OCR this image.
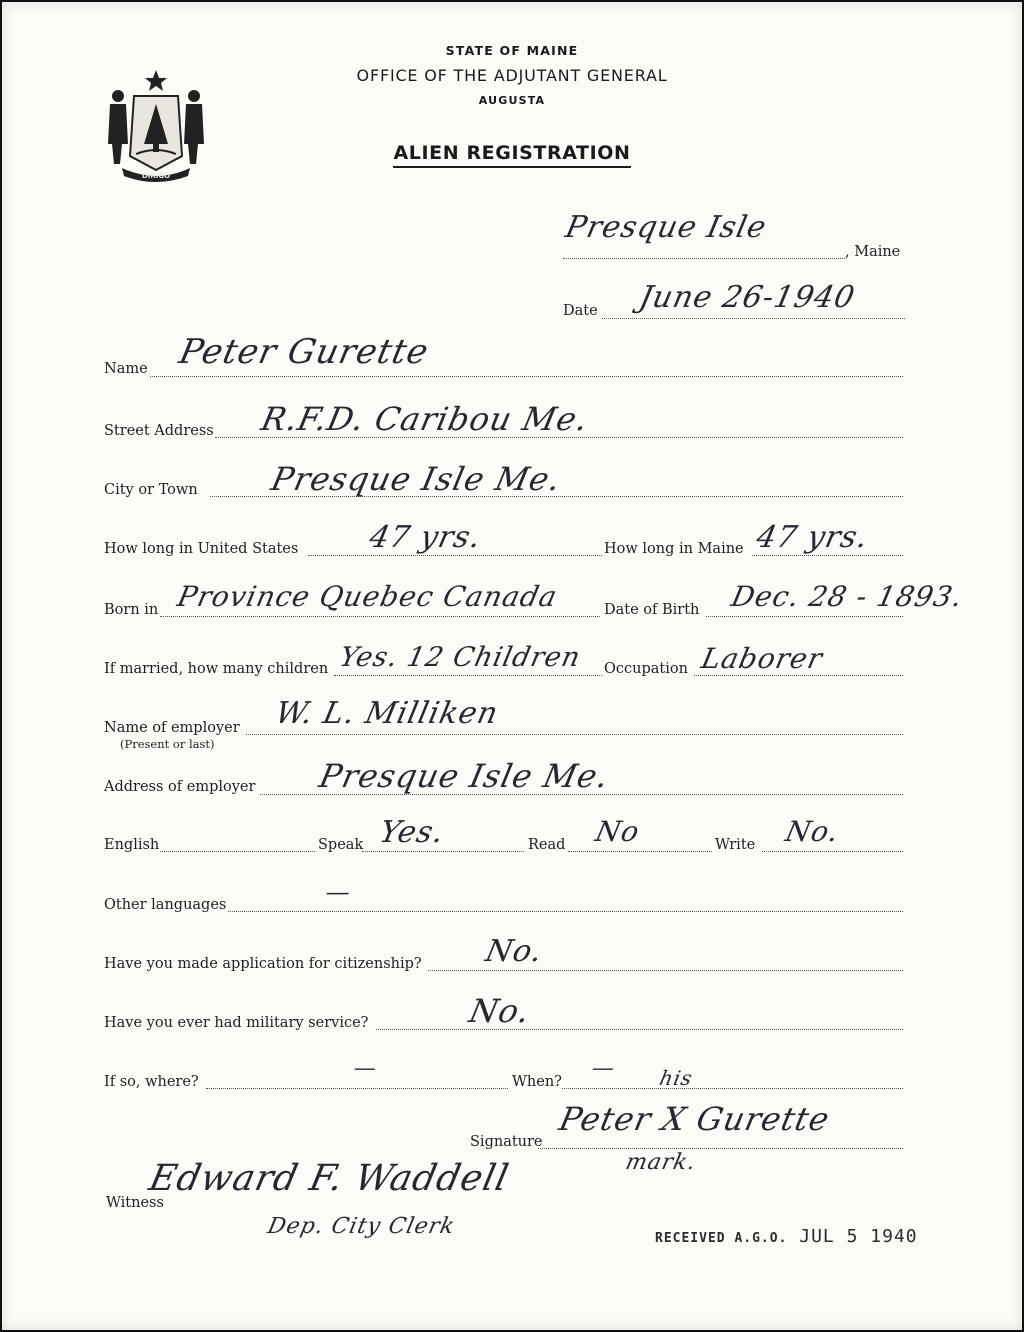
STATE OF MAINE
OFFICE OF THE ADJUTANT GENERAL
AUGUSTA
ALIEN REGISTRATION
DIRIGO
Presque Isle
, Maine
Date June 26-1940
Name Peter Gurette
Street Address R.F.D. Caribou Me.
City or Town Presque Isle Me.
How long in United States 47 yrs.	How long in Maine 47 yrs.
Born in Province Quebec Canada	Date of Birth Dec. 28 - 1893.
If married, how many children Yes. 12 Children Occupation Laborer
Name of employer
(Present or last)
W. L. Milliken
Address of employer Presque Isle Me.
English	Speak Yes.	Read No	Write No.
Other languages	—
Have you made application for citizenship? No.
Have you ever had military service?	No.
If so, where?
—
When?
— his
Signature
Peter X Gurette
mark.
Witness
Edward F. Waddell
Dep. City Clerk	RECEIVED A.G.O. JUL 5 1940
